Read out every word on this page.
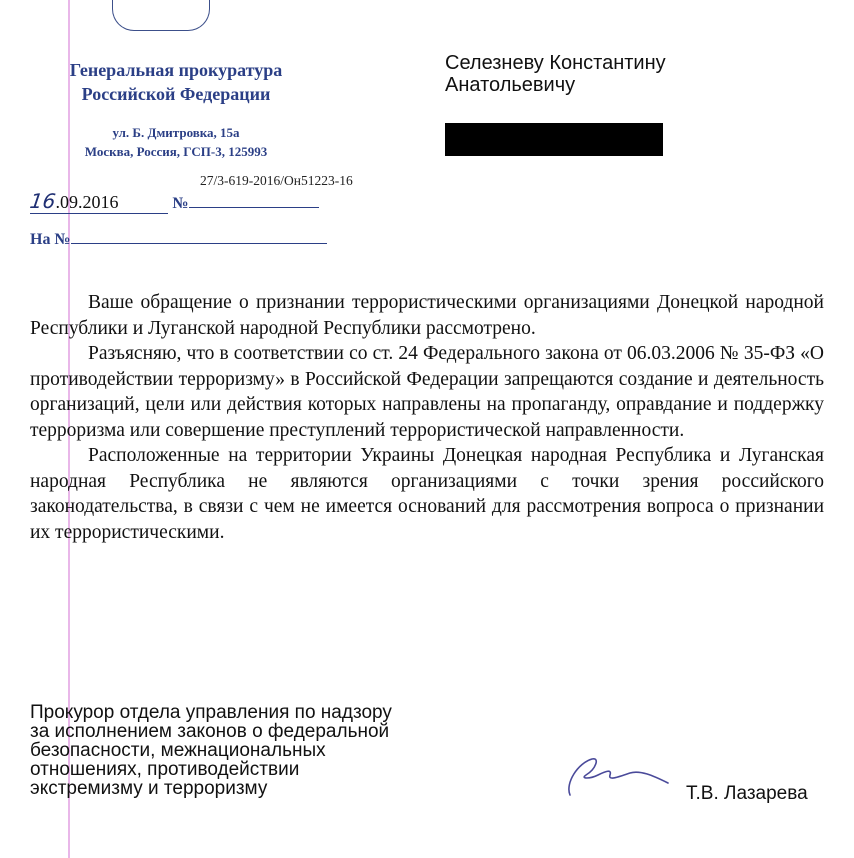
Генеральная прокуратура
Российской Федерации
ул. Б. Дмитровка, 15а
Москва, Россия, ГСП-3, 125993
27/3-619-2016/Он51223-16
16.09.2016	№
На №
Селезневу Константину
Анатольевичу

Ваше обращение о признании террористическими организациями Донецкой народной Республики и Луганской народной Республики рассмотрено.

Разъясняю, что в соответствии со ст. 24 Федерального закона от 06.03.2006 № 35-ФЗ «О противодействии терроризму» в Российской Федерации запрещаются создание и деятельность организаций, цели или действия которых направлены на пропаганду, оправдание и поддержку терроризма или совершение преступлений террористической направленности.

Расположенные на территории Украины Донецкая народная Республика и Луганская народная Республика не являются организациями с точки зрения российского законодательства, в связи с чем не имеется оснований для рассмотрения вопроса о признании их террористическими.

Прокурор отдела управления по надзору
за исполнением законов о федеральной
безопасности, межнациональных
отношениях, противодействии
экстремизму и терроризму	Т.В. Лазарева
